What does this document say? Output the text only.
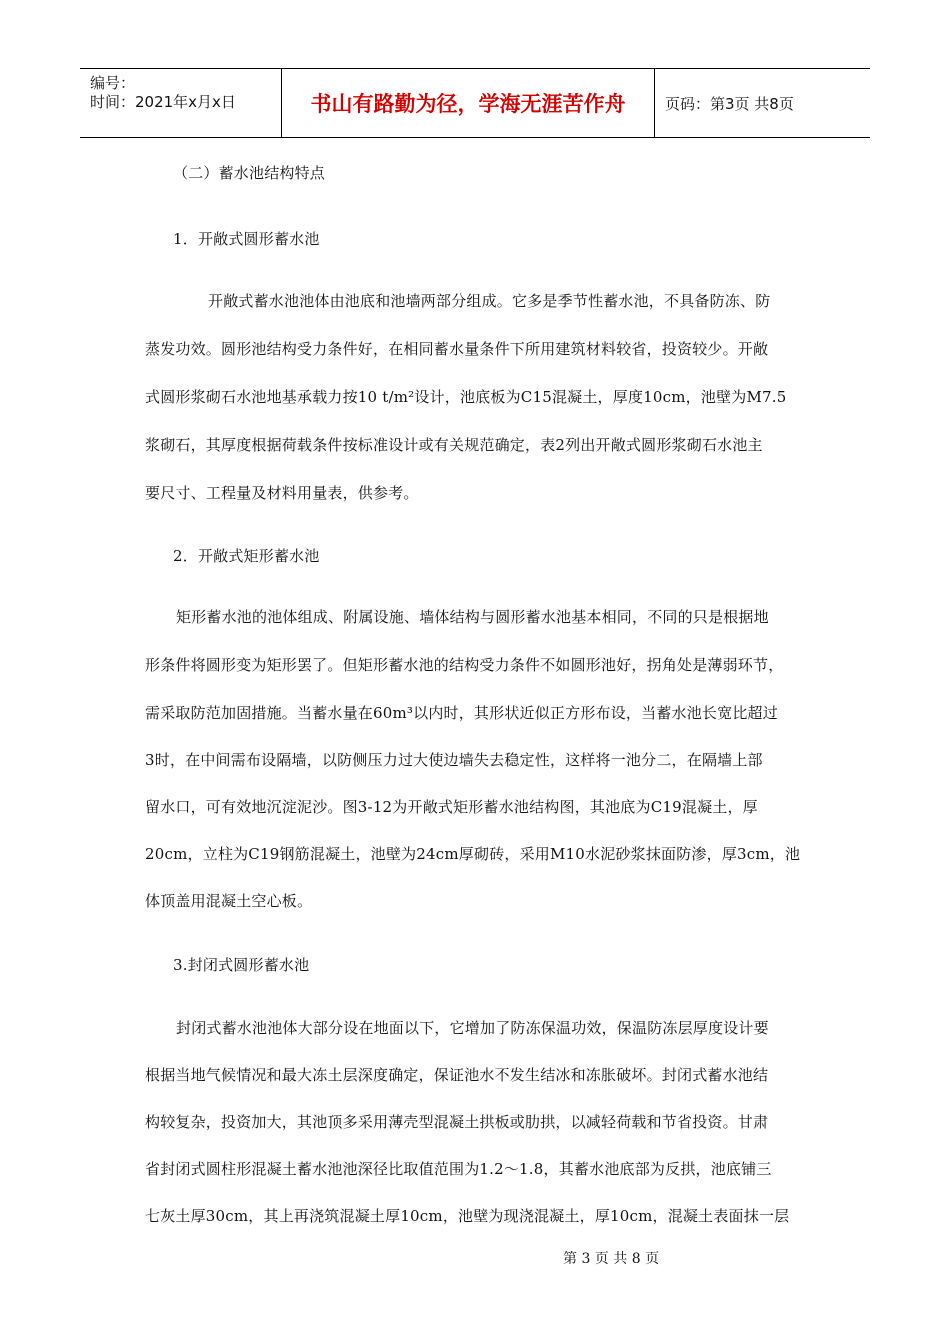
编号：
时间：2021年x月x日	书山有路勤为径，学海无涯苦作舟	页码：第3页 共8页
（二）蓄水池结构特点
1．开敞式圆形蓄水池
开敞式蓄水池池体由池底和池墙两部分组成。它多是季节性蓄水池，不具备防冻、防
蒸发功效。圆形池结构受力条件好，在相同蓄水量条件下所用建筑材料较省，投资较少。开敞
式圆形浆砌石水池地基承载力按10 t/m²设计，池底板为C15混凝土，厚度10cm，池壁为M7.5
浆砌石，其厚度根据荷载条件按标准设计或有关规范确定，表2列出开敞式圆形浆砌石水池主
要尺寸、工程量及材料用量表，供参考。
2．开敞式矩形蓄水池
矩形蓄水池的池体组成、附属设施、墙体结构与圆形蓄水池基本相同，不同的只是根据地
形条件将圆形变为矩形罢了。但矩形蓄水池的结构受力条件不如圆形池好，拐角处是薄弱环节，
需采取防范加固措施。当蓄水量在60m³以内时，其形状近似正方形布设，当蓄水池长宽比超过
3时，在中间需布设隔墙，以防侧压力过大使边墙失去稳定性，这样将一池分二，在隔墙上部
留水口，可有效地沉淀泥沙。图3-12为开敞式矩形蓄水池结构图，其池底为C19混凝土，厚
20cm，立柱为C19钢筋混凝土，池壁为24cm厚砌砖，采用M10水泥砂浆抹面防渗，厚3cm，池
体顶盖用混凝土空心板。
3.封闭式圆形蓄水池
封闭式蓄水池池体大部分设在地面以下，它增加了防冻保温功效，保温防冻层厚度设计要
根据当地气候情况和最大冻土层深度确定，保证池水不发生结冰和冻胀破坏。封闭式蓄水池结
构较复杂，投资加大，其池顶多采用薄壳型混凝土拱板或肋拱，以减轻荷载和节省投资。甘肃
省封闭式圆柱形混凝土蓄水池池深径比取值范围为1.2～1.8，其蓄水池底部为反拱，池底铺三
七灰土厚30cm，其上再浇筑混凝土厚10cm，池壁为现浇混凝土，厚10cm，混凝土表面抹一层
第 3 页 共 8 页
